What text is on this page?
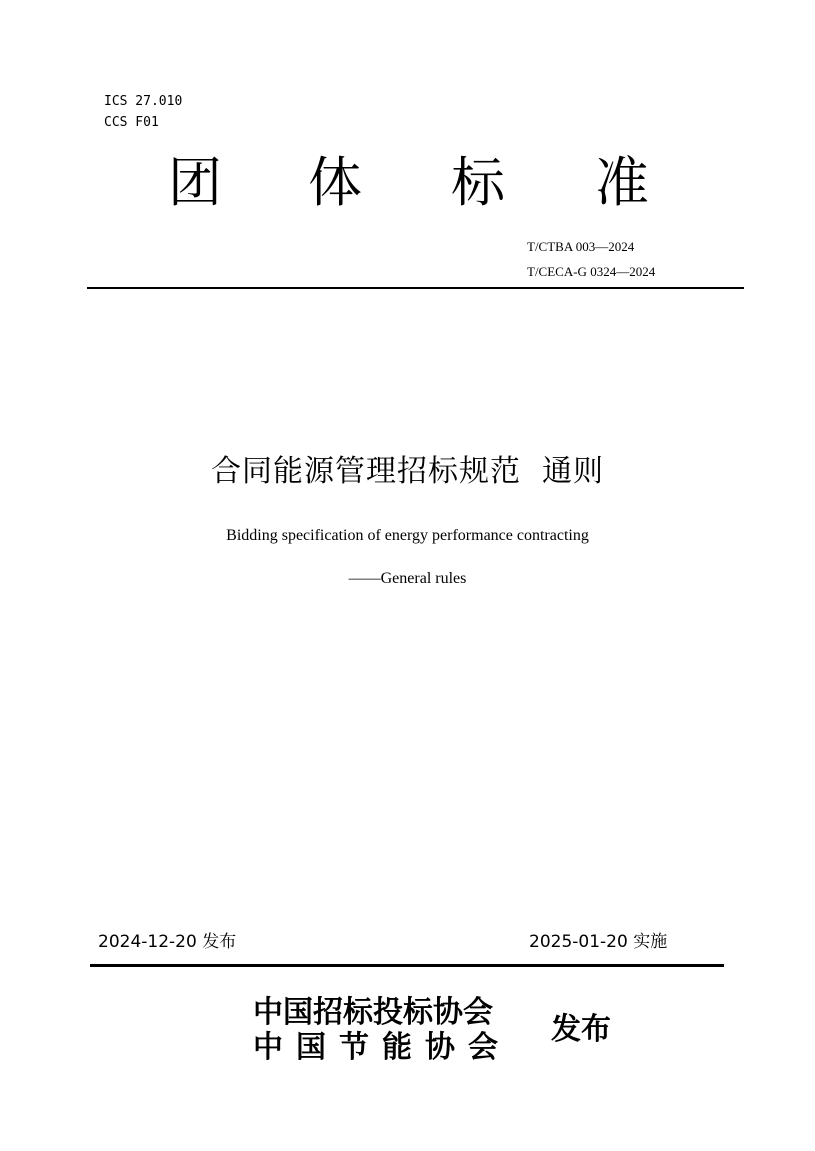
ICS 27.010
CCS F01
团 体 标 准
T/CTBA 003—2024
T/CECA-G 0324—2024
合同能源管理招标规范  通则
Bidding specification of energy performance contracting
——General rules
2024-12-20 发布	2025-01-20 实施
中国招标投标协会
中国节能协会
发布
